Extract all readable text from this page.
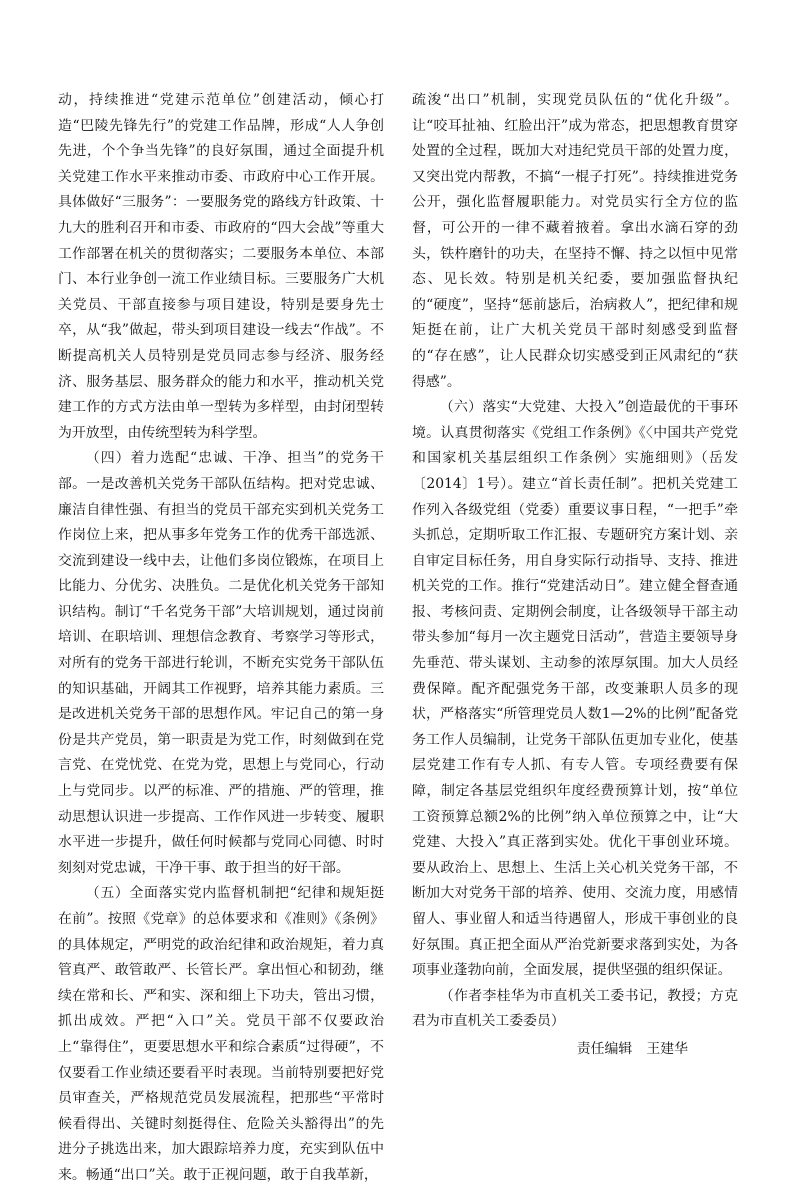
动，持续推进“党建示范单位”创建活动，倾心打造“巴陵先锋先行”的党建工作品牌，形成“人人争创先进，个个争当先锋”的良好氛围，通过全面提升机关党建工作水平来推动市委、市政府中心工作开展。具体做好“三服务”：一要服务党的路线方针政策、十九大的胜利召开和市委、市政府的“四大会战”等重大工作部署在机关的贯彻落实；二要服务本单位、本部门、本行业争创一流工作业绩目标。三要服务广大机关党员、干部直接参与项目建设，特别是要身先士卒，从“我”做起，带头到项目建设一线去“作战”。不断提高机关人员特别是党员同志参与经济、服务经济、服务基层、服务群众的能力和水平，推动机关党建工作的方式方法由单一型转为多样型，由封闭型转为开放型，由传统型转为科学型。

（四）着力选配“忠诚、干净、担当”的党务干部。一是改善机关党务干部队伍结构。把对党忠诚、廉洁自律性强、有担当的党员干部充实到机关党务工作岗位上来，把从事多年党务工作的优秀干部选派、交流到建设一线中去，让他们多岗位锻炼，在项目上比能力、分优劣、决胜负。二是优化机关党务干部知识结构。制订“千名党务干部”大培训规划，通过岗前培训、在职培训、理想信念教育、考察学习等形式，对所有的党务干部进行轮训，不断充实党务干部队伍的知识基础，开阔其工作视野，培养其能力素质。三是改进机关党务干部的思想作风。牢记自己的第一身份是共产党员，第一职责是为党工作，时刻做到在党言党、在党忧党、在党为党，思想上与党同心，行动上与党同步。以严的标准、严的措施、严的管理，推动思想认识进一步提高、工作作风进一步转变、履职水平进一步提升，做任何时候都与党同心同德、时时刻刻对党忠诚，干净干事、敢于担当的好干部。

（五）全面落实党内监督机制把“纪律和规矩挺在前”。按照《党章》的总体要求和《准则》《条例》的具体规定，严明党的政治纪律和政治规矩，着力真管真严、敢管敢严、长管长严。拿出恒心和韧劲，继续在常和长、严和实、深和细上下功夫，管出习惯，抓出成效。严把“入口”关。党员干部不仅要政治上“靠得住”，更要思想水平和综合素质“过得硬”，不仅要看工作业绩还要看平时表现。当前特别要把好党员审查关，严格规范党员发展流程，把那些“平常时候看得出、关键时刻挺得住、危险关头豁得出”的先进分子挑选出来，加大跟踪培养力度，充实到队伍中来。畅通“出口”关。敢于正视问题，敢于自我革新，

疏浚“出口”机制，实现党员队伍的“优化升级”。让“咬耳扯袖、红脸出汗”成为常态，把思想教育贯穿处置的全过程，既加大对违纪党员干部的处置力度，又突出党内帮教，不搞“一棍子打死”。持续推进党务公开，强化监督履职能力。对党员实行全方位的监督，可公开的一律不藏着掖着。拿出水滴石穿的劲头，铁杵磨针的功夫，在坚持不懈、持之以恒中见常态、见长效。特别是机关纪委，要加强监督执纪的“硬度”，坚持“惩前毖后，治病救人”，把纪律和规矩挺在前，让广大机关党员干部时刻感受到监督的“存在感”，让人民群众切实感受到正风肃纪的“获得感”。

（六）落实“大党建、大投入”创造最优的干事环境。认真贯彻落实《党组工作条例》《〈中国共产党党和国家机关基层组织工作条例〉实施细则》（岳发〔2014〕1号）。建立“首长责任制”。把机关党建工作列入各级党组（党委）重要议事日程，“一把手”牵头抓总，定期听取工作汇报、专题研究方案计划、亲自审定目标任务，用自身实际行动指导、支持、推进机关党的工作。推行“党建活动日”。建立健全督查通报、考核问责、定期例会制度，让各级领导干部主动带头参加“每月一次主题党日活动”，营造主要领导身先垂范、带头谋划、主动参的浓厚氛围。加大人员经费保障。配齐配强党务干部，改变兼职人员多的现状，严格落实“所管理党员人数1—2%的比例”配备党务工作人员编制，让党务干部队伍更加专业化，使基层党建工作有专人抓、有专人管。专项经费要有保障，制定各基层党组织年度经费预算计划，按“单位工资预算总额2%的比例”纳入单位预算之中，让“大党建、大投入”真正落到实处。优化干事创业环境。要从政治上、思想上、生活上关心机关党务干部，不断加大对党务干部的培养、使用、交流力度，用感情留人、事业留人和适当待遇留人，形成干事创业的良好氛围。真正把全面从严治党新要求落到实处，为各项事业蓬勃向前，全面发展，提供坚强的组织保证。

（作者李桂华为市直机关工委书记，教授；方克君为市直机关工委委员）

责任编辑 王建华
